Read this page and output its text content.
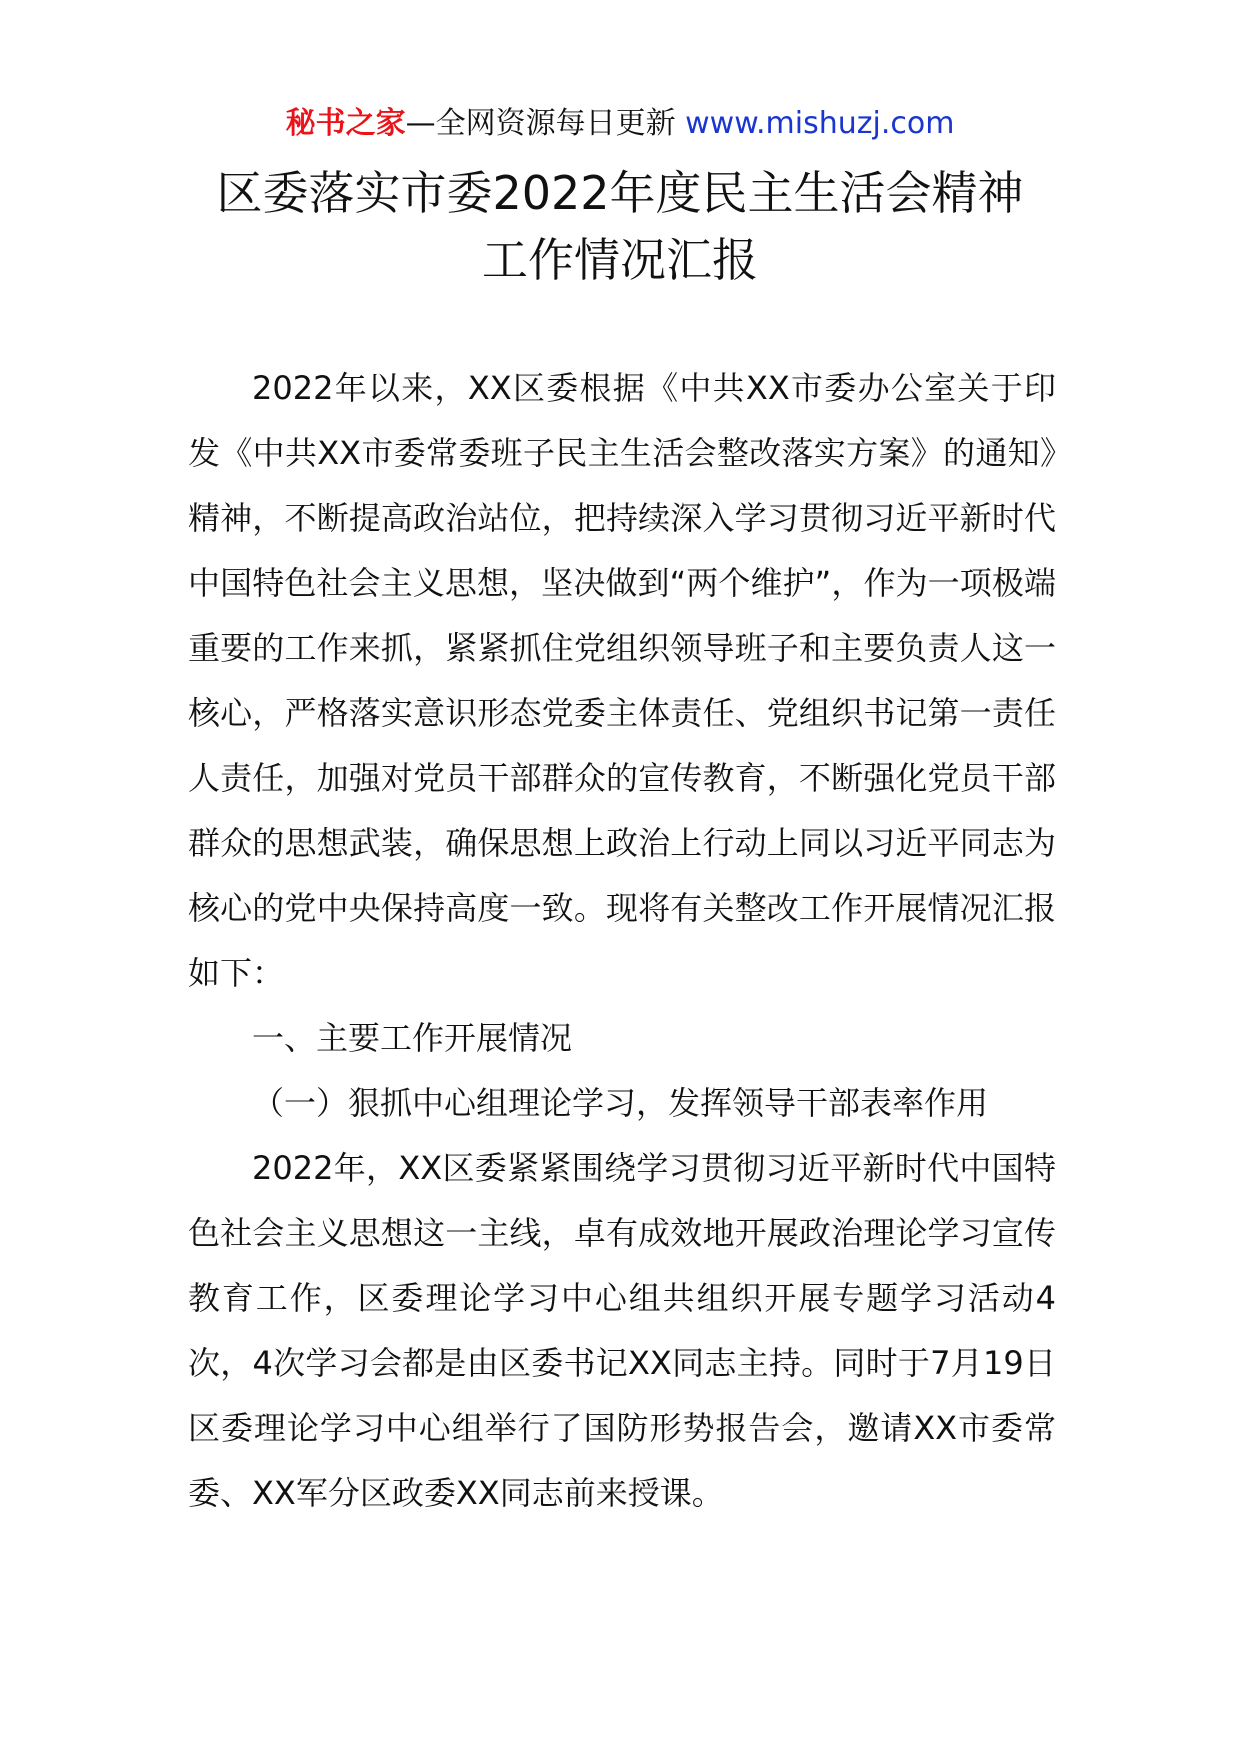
秘书之家—全网资源每日更新 www.mishuzj.com
区委落实市委2022年度民主生活会精神
工作情况汇报

2022年以来，XX区委根据《中共XX市委办公室关于印发《中共XX市委常委班子民主生活会整改落实方案》的通知》精神，不断提高政治站位，把持续深入学习贯彻习近平新时代中国特色社会主义思想，坚决做到“两个维护”，作为一项极端重要的工作来抓，紧紧抓住党组织领导班子和主要负责人这一核心，严格落实意识形态党委主体责任、党组织书记第一责任人责任，加强对党员干部群众的宣传教育，不断强化党员干部群众的思想武装，确保思想上政治上行动上同以习近平同志为核心的党中央保持高度一致。现将有关整改工作开展情况汇报如下：

一、主要工作开展情况

（一）狠抓中心组理论学习，发挥领导干部表率作用

2022年，XX区委紧紧围绕学习贯彻习近平新时代中国特色社会主义思想这一主线，卓有成效地开展政治理论学习宣传教育工作，区委理论学习中心组共组织开展专题学习活动4次，4次学习会都是由区委书记XX同志主持。同时于7月19日区委理论学习中心组举行了国防形势报告会，邀请XX市委常委、XX军分区政委XX同志前来授课。
